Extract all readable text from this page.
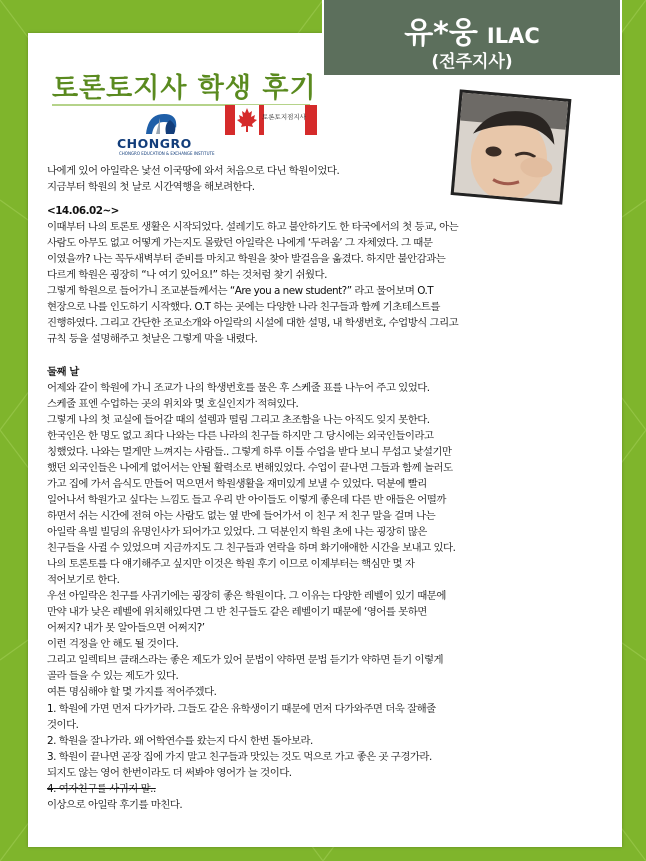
유*웅 ILAC
(전주지사)
토론토지사 학생 후기
CHONGRO
CHONGRO EDUCATION & EXCHANGE INSTITUTE
토론토지점지사
나에게 있어 아일락은 낯선 이국땅에 와서 처음으로 다닌 학원이었다.
지금부터 학원의 첫 날로 시간역행을 해보려한다.
<14.06.02~>
이때부터 나의 토론토 생활은 시작되었다. 설레기도 하고 불안하기도 한 타국에서의 첫 등교, 아는
사람도 아무도 없고 어떻게 가는지도 몰랐던 아일락은 나에게 ‘두려움’ 그 자체였다. 그 때문
이였을까? 나는 꼭두새벽부터 준비를 마치고 학원을 찾아 발걸음을 옮겼다. 하지만 불안감과는
다르게 학원은 굉장히 “나 여기 있어요!” 하는 것처럼 찾기 쉬웠다.
그렇게 학원으로 들어가니 조교분들께서는 “Are you a new student?” 라고 물어보며 O.T
현장으로 나를 인도하기 시작했다. O.T 하는 곳에는 다양한 나라 친구들과 함께 기초테스트를
진행하였다. 그리고 간단한 조교소개와 아일락의 시설에 대한 설명, 내 학생번호, 수업방식 그리고
규칙 등을 설명해주고 첫날은 그렇게 막을 내렸다.
둘째 날
어제와 같이 학원에 가니 조교가 나의 학생번호를 물은 후 스케줄 표를 나누어 주고 있었다.
스케줄 표엔 수업하는 곳의 위치와 몇 호실인지가 적혀있다.
그렇게 나의 첫 교실에 들어갈 때의 설렘과 떨림 그리고 초조함을 나는 아직도 잊지 못한다.
한국인은 한 명도 없고 죄다 나와는 다른 나라의 친구들 하지만 그 당시에는 외국인들이라고
칭했었다. 나와는 멀게만 느껴지는 사람들.. 그렇게 하루 이틀 수업을 받다 보니 무섭고 낯설기만
했던 외국인들은 나에게 없어서는 안될 활력소로 변해있었다. 수업이 끝나면 그들과 함께 놀러도
가고 집에 가서 음식도 만들어 먹으면서 학원생활을 재미있게 보낼 수 있었다. 덕분에 빨리
일어나서 학원가고 싶다는 느낌도 들고 우리 반 아이들도 이렇게 좋은데 다른 반 애들은 어떨까
하면서 쉬는 시간에 전혀 아는 사람도 없는 옆 반에 들어가서 이 친구 저 친구 말을 걸며 나는
아일락 욕빌 빌딩의 유명인사가 되어가고 있었다. 그 덕분인지 학원 초에 나는 굉장히 많은
친구들을 사귈 수 있었으며 지금까지도 그 친구들과 연락을 하며 화기애애한 시간을 보내고 있다.
나의 토론토를 다 얘기해주고 싶지만 이것은 학원 후기 이므로 이제부터는 핵심만 몇 자
적어보기로 한다.
우선 아일락은 친구를 사귀기에는 굉장히 좋은 학원이다. 그 이유는 다양한 레벨이 있기 때문에
만약 내가 낮은 레벨에 위치해있다면 그 반 친구들도 같은 레벨이기 때문에 ‘영어를 못하면
어쩌지? 내가 못 알아들으면 어쩌지?’
이런 걱정을 안 해도 될 것이다.
그리고 일렉티브 클래스라는 좋은 제도가 있어 문법이 약하면 문법 듣기가 약하면 듣기 이렇게
골라 들을 수 있는 제도가 있다.
여튼 명심해야 할 몇 가지를 적어주겠다.
1. 학원에 가면 먼저 다가가라. 그들도 같은 유학생이기 때문에 먼저 다가와주면 더욱 잘해줄
것이다.
2. 학원을 잘나가라. 왜 어학연수를 왔는지 다시 한번 돌아보라.
3. 학원이 끝나면 곧장 집에 가지 말고 친구들과 맛있는 것도 먹으로 가고 좋은 곳 구경가라.
되지도 않는 영어 한번이라도 더 써봐야 영어가 늘 것이다.
4. 여자친구를 사귀지 말..
이상으로 아일락 후기를 마친다.
